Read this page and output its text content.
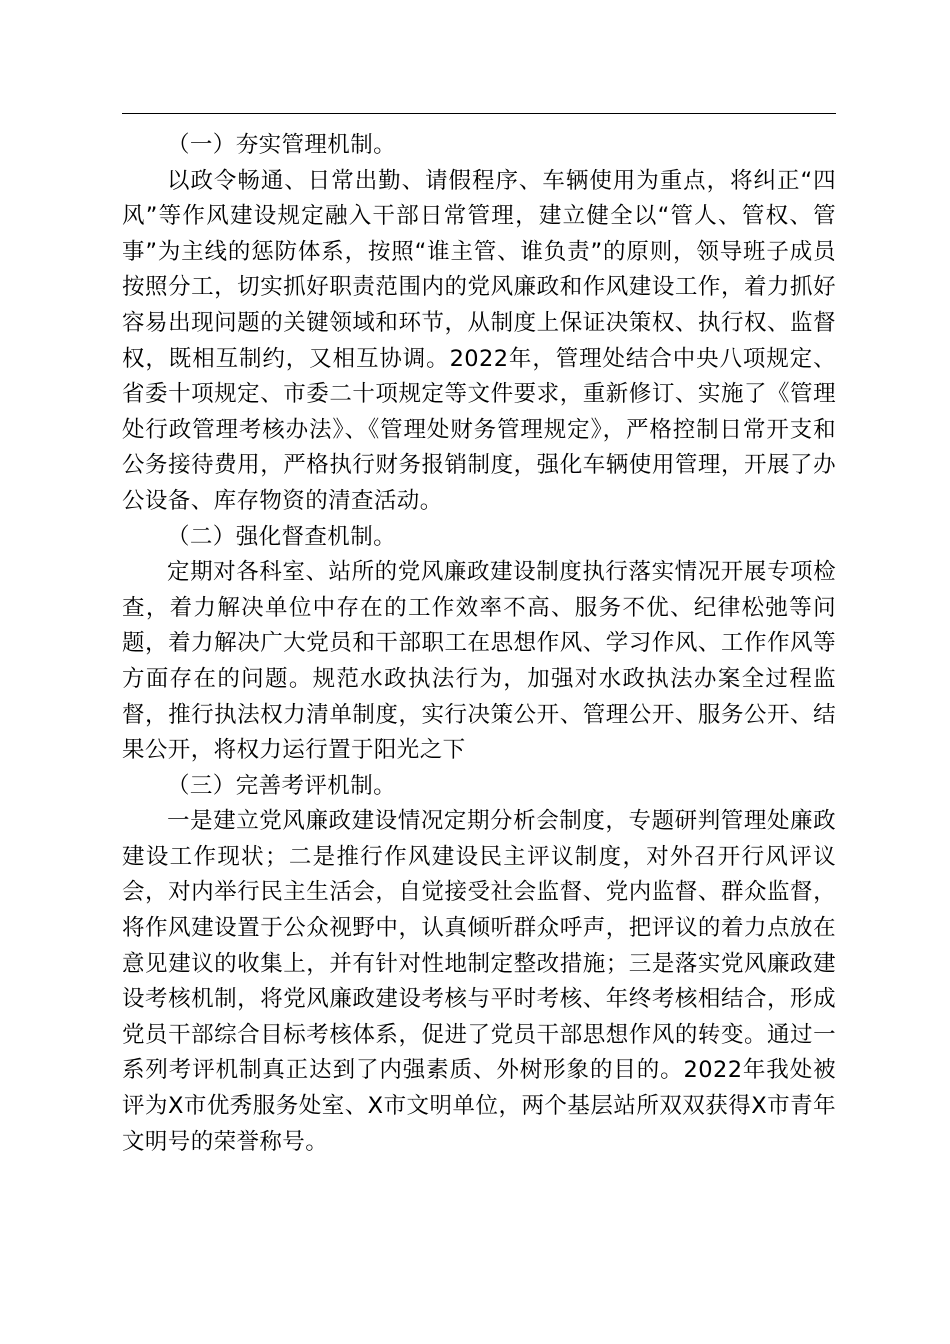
（一）夯实管理机制。

以政令畅通、日常出勤、请假程序、车辆使用为重点，将纠正“四风”等作风建设规定融入干部日常管理，建立健全以“管人、管权、管事”为主线的惩防体系，按照“谁主管、谁负责”的原则，领导班子成员按照分工，切实抓好职责范围内的党风廉政和作风建设工作，着力抓好容易出现问题的关键领域和环节，从制度上保证决策权、执行权、监督权，既相互制约，又相互协调。2022年，管理处结合中央八项规定、省委十项规定、市委二十项规定等文件要求，重新修订、实施了《管理处行政管理考核办法》、《管理处财务管理规定》，严格控制日常开支和公务接待费用，严格执行财务报销制度，强化车辆使用管理，开展了办公设备、库存物资的清查活动。

（二）强化督查机制。

定期对各科室、站所的党风廉政建设制度执行落实情况开展专项检查，着力解决单位中存在的工作效率不高、服务不优、纪律松弛等问题，着力解决广大党员和干部职工在思想作风、学习作风、工作作风等方面存在的问题。规范水政执法行为，加强对水政执法办案全过程监督，推行执法权力清单制度，实行决策公开、管理公开、服务公开、结果公开，将权力运行置于阳光之下

（三）完善考评机制。

一是建立党风廉政建设情况定期分析会制度，专题研判管理处廉政建设工作现状；二是推行作风建设民主评议制度，对外召开行风评议会，对内举行民主生活会，自觉接受社会监督、党内监督、群众监督，将作风建设置于公众视野中，认真倾听群众呼声，把评议的着力点放在意见建议的收集上，并有针对性地制定整改措施；三是落实党风廉政建设考核机制，将党风廉政建设考核与平时考核、年终考核相结合，形成党员干部综合目标考核体系，促进了党员干部思想作风的转变。通过一系列考评机制真正达到了内强素质、外树形象的目的。2022年我处被评为X市优秀服务处室、X市文明单位，两个基层站所双双获得X市青年文明号的荣誉称号。
